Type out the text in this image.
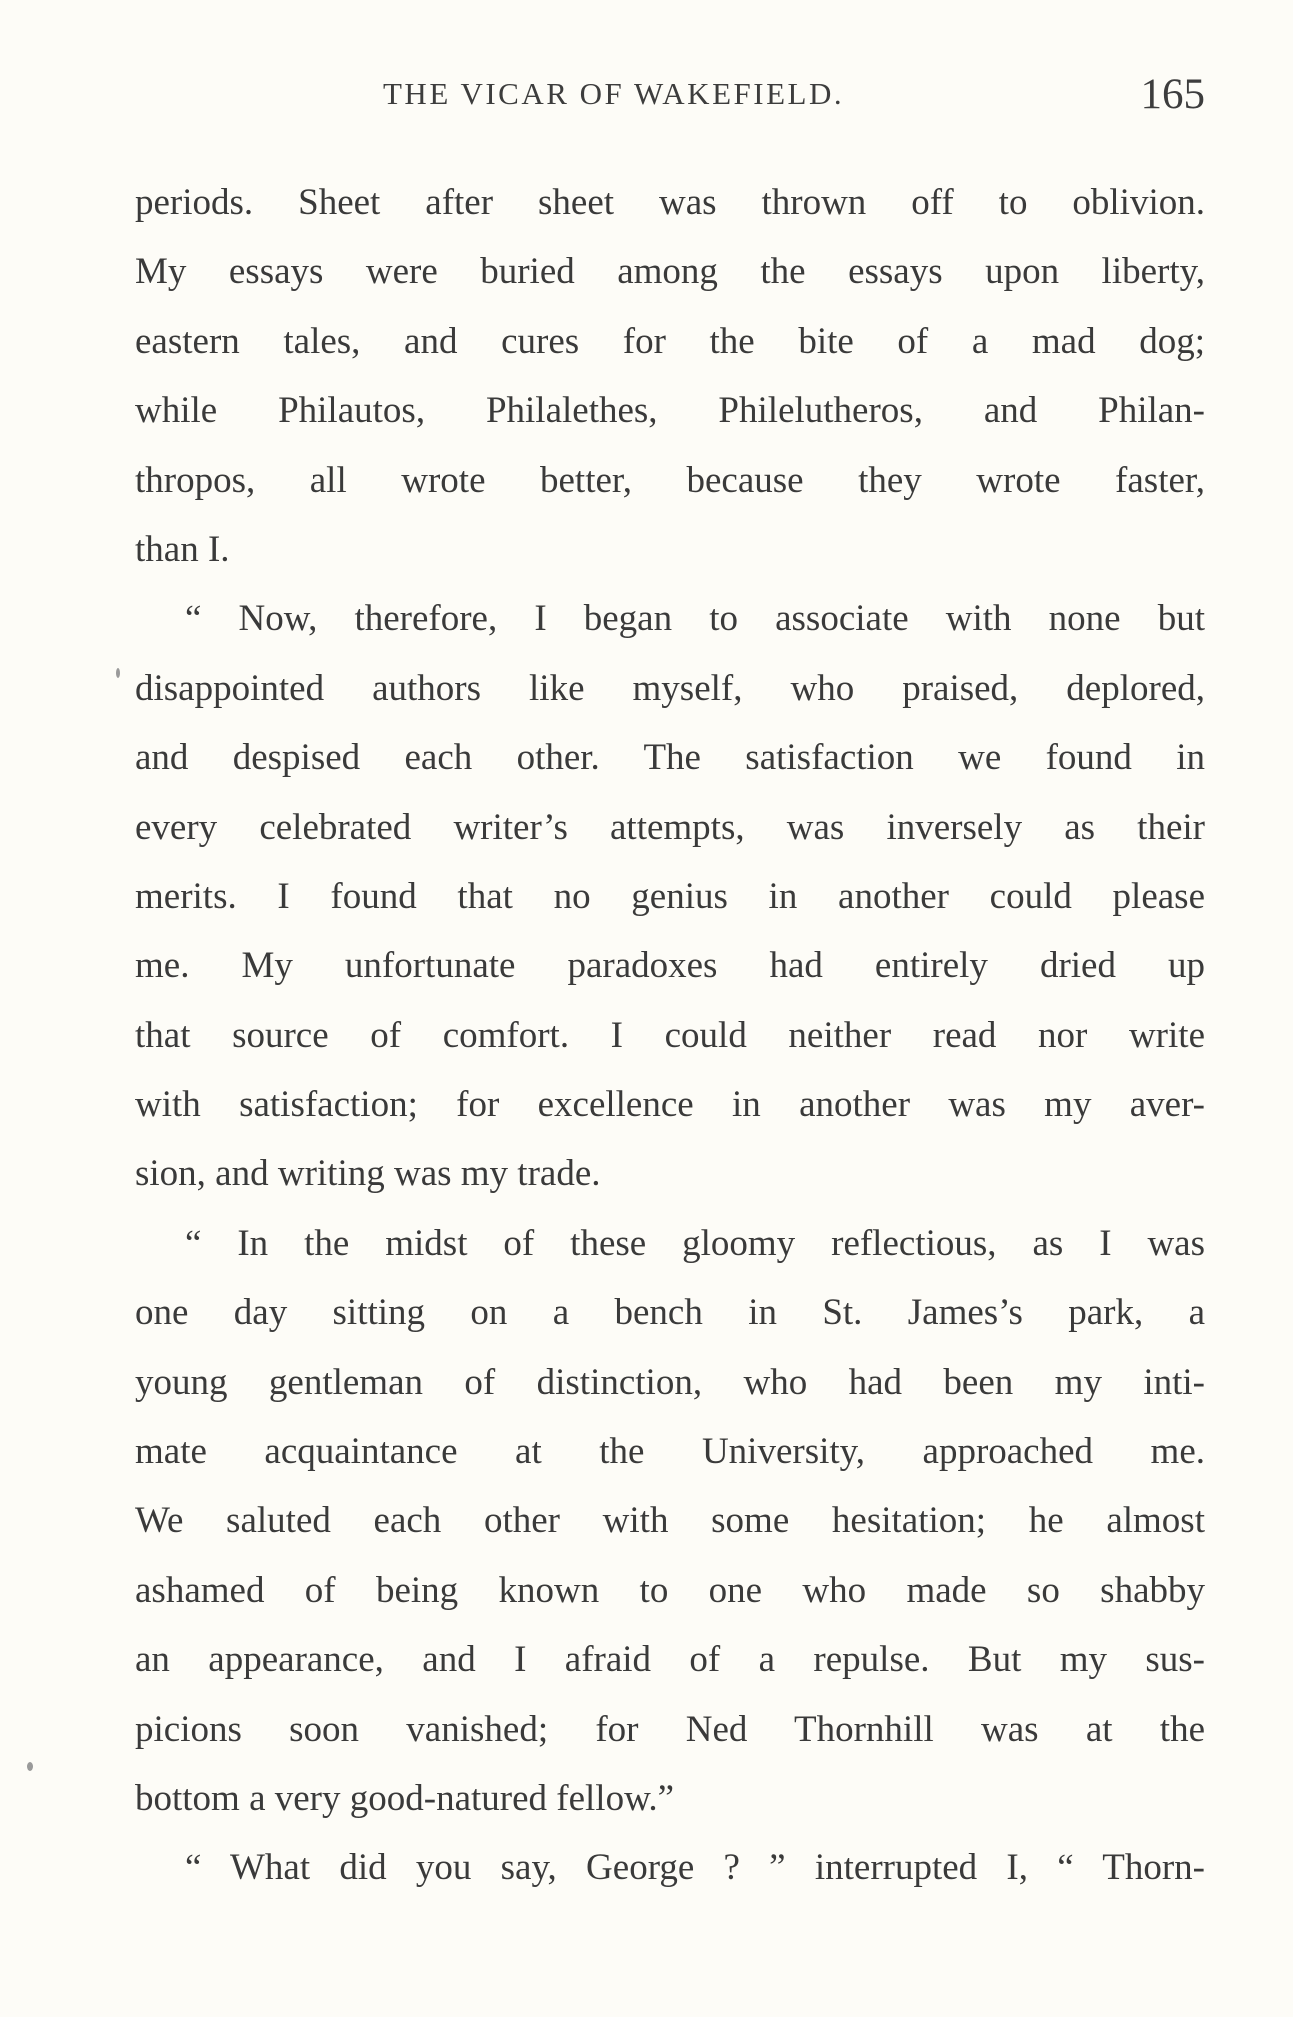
THE VICAR OF WAKEFIELD.	165
periods. Sheet after sheet was thrown off to oblivion.
My essays were buried among the essays upon liberty,
eastern tales, and cures for the bite of a mad dog;
while Philautos, Philalethes, Philelutheros, and Philan-
thropos, all wrote better, because they wrote faster,
than I.
“ Now, therefore, I began to associate with none but
disappointed authors like myself, who praised, deplored,
and despised each other. The satisfaction we found in
every celebrated writer’s attempts, was inversely as their
merits. I found that no genius in another could please
me. My unfortunate paradoxes had entirely dried up
that source of comfort. I could neither read nor write
with satisfaction; for excellence in another was my aver-
sion, and writing was my trade.
“ In the midst of these gloomy reflectious, as I was
one day sitting on a bench in St. James’s park, a
young gentleman of distinction, who had been my inti-
mate acquaintance at the University, approached me.
We saluted each other with some hesitation; he almost
ashamed of being known to one who made so shabby
an appearance, and I afraid of a repulse. But my sus-
picions soon vanished; for Ned Thornhill was at the
bottom a very good-natured fellow.”
“ What did you say, George ? ” interrupted I, “ Thorn-
